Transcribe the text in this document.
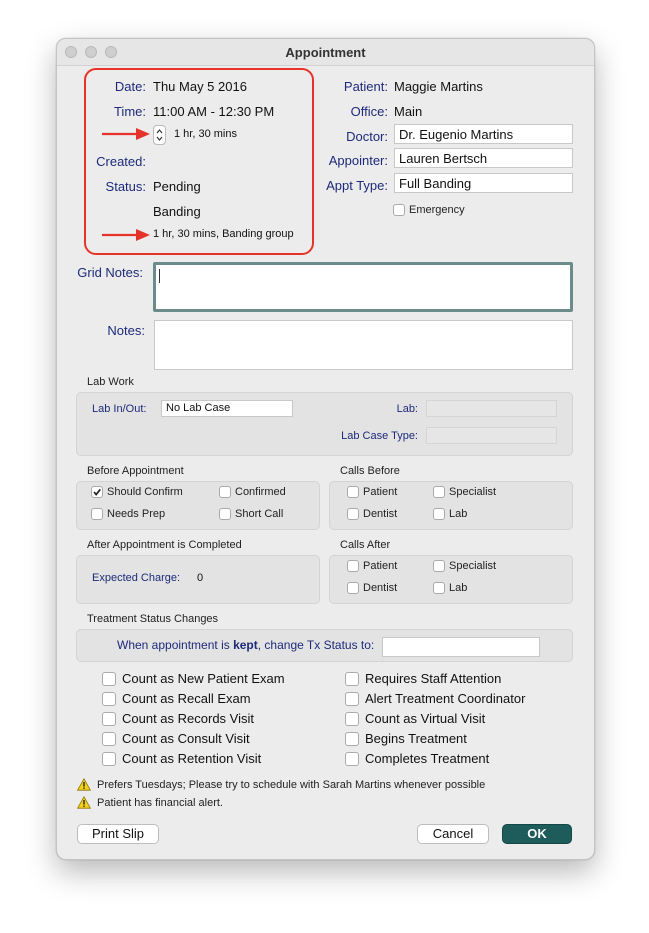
Appointment
Date: Thu May 5 2016
Time: 11:00 AM - 12:30 PM
1 hr, 30 mins
Created:
Status: Pending
Banding
1 hr, 30 mins, Banding group
Patient: Maggie Martins
Office: Main
Doctor: Dr. Eugenio Martins
Appointer: Lauren Bertsch
Appt Type: Full Banding
Emergency
Grid Notes:
Notes:
Lab Work
Lab In/Out:	No Lab Case	Lab:
Lab Case Type:
Before Appointment
Should Confirm	Confirmed
Needs Prep	Short Call
Calls Before
Patient	Specialist
Dentist	Lab
After Appointment is Completed
Expected Charge: 0
Calls After
Patient	Specialist
Dentist	Lab
Treatment Status Changes
When appointment is kept, change Tx Status to:
Count as New Patient Exam
Count as Recall Exam
Count as Records Visit
Count as Consult Visit
Count as Retention Visit
Requires Staff Attention
Alert Treatment Coordinator
Count as Virtual Visit
Begins Treatment
Completes Treatment
Prefers Tuesdays; Please try to schedule with Sarah Martins whenever possible
Patient has financial alert.
Print Slip	Cancel	OK
